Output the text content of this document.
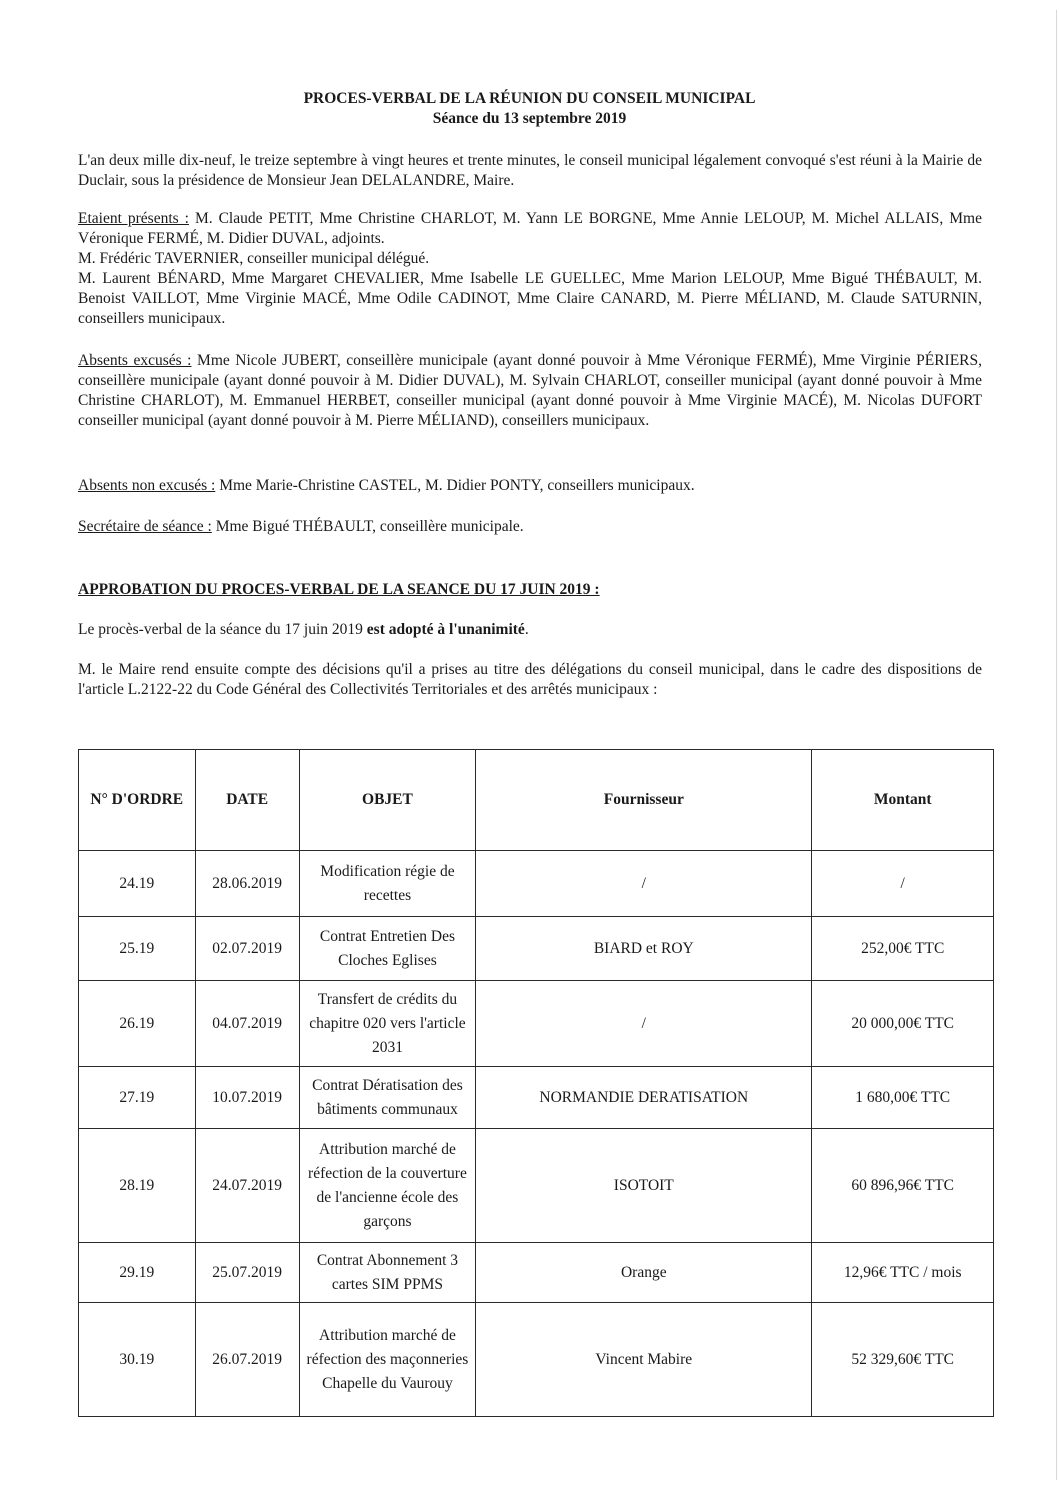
PROCES-VERBAL DE LA RÉUNION DU CONSEIL MUNICIPAL
Séance du 13 septembre 2019

L'an deux mille dix-neuf, le treize septembre à vingt heures et trente minutes, le conseil municipal légalement convoqué s'est réuni à la Mairie de Duclair, sous la présidence de Monsieur Jean DELALANDRE, Maire.

Etaient présents : M. Claude PETIT, Mme Christine CHARLOT, M. Yann LE BORGNE, Mme Annie LELOUP, M. Michel ALLAIS, Mme Véronique FERMÉ, M. Didier DUVAL, adjoints.
M. Frédéric TAVERNIER, conseiller municipal délégué.
M. Laurent BÉNARD, Mme Margaret CHEVALIER, Mme Isabelle LE GUELLEC, Mme Marion LELOUP, Mme Bigué THÉBAULT, M. Benoist VAILLOT, Mme Virginie MACÉ, Mme Odile CADINOT, Mme Claire CANARD, M. Pierre MÉLIAND, M. Claude SATURNIN, conseillers municipaux.

Absents excusés : Mme Nicole JUBERT, conseillère municipale (ayant donné pouvoir à Mme Véronique FERMÉ), Mme Virginie PÉRIERS, conseillère municipale (ayant donné pouvoir à M. Didier DUVAL), M. Sylvain CHARLOT, conseiller municipal (ayant donné pouvoir à Mme Christine CHARLOT), M. Emmanuel HERBET, conseiller municipal (ayant donné pouvoir à Mme Virginie MACÉ), M. Nicolas DUFORT conseiller municipal (ayant donné pouvoir à M. Pierre MÉLIAND), conseillers municipaux.

Absents non excusés : Mme Marie-Christine CASTEL, M. Didier PONTY, conseillers municipaux.

Secrétaire de séance : Mme Bigué THÉBAULT, conseillère municipale.

APPROBATION DU PROCES-VERBAL DE LA SEANCE DU 17 JUIN 2019 :

Le procès-verbal de la séance du 17 juin 2019 est adopté à l'unanimité.

M. le Maire rend ensuite compte des décisions qu'il a prises au titre des délégations du conseil municipal, dans le cadre des dispositions de l'article L.2122-22 du Code Général des Collectivités Territoriales et des arrêtés municipaux :

N° D'ORDRE	DATE	OBJET	Fournisseur	Montant
24.19	28.06.2019	Modification régie de recettes	/	/
25.19	02.07.2019	Contrat Entretien Des Cloches Eglises	BIARD et ROY	252,00€ TTC
26.19	04.07.2019	Transfert de crédits du chapitre 020 vers l'article 2031	/	20 000,00€ TTC
27.19	10.07.2019	Contrat Dératisation des bâtiments communaux	NORMANDIE DERATISATION	1 680,00€ TTC
28.19	24.07.2019	Attribution marché de réfection de la couverture de l'ancienne école des garçons	ISOTOIT	60 896,96€ TTC
29.19	25.07.2019	Contrat Abonnement 3 cartes SIM PPMS	Orange	12,96€ TTC / mois
30.19	26.07.2019	Attribution marché de réfection des maçonneries Chapelle du Vaurouy	Vincent Mabire	52 329,60€ TTC
